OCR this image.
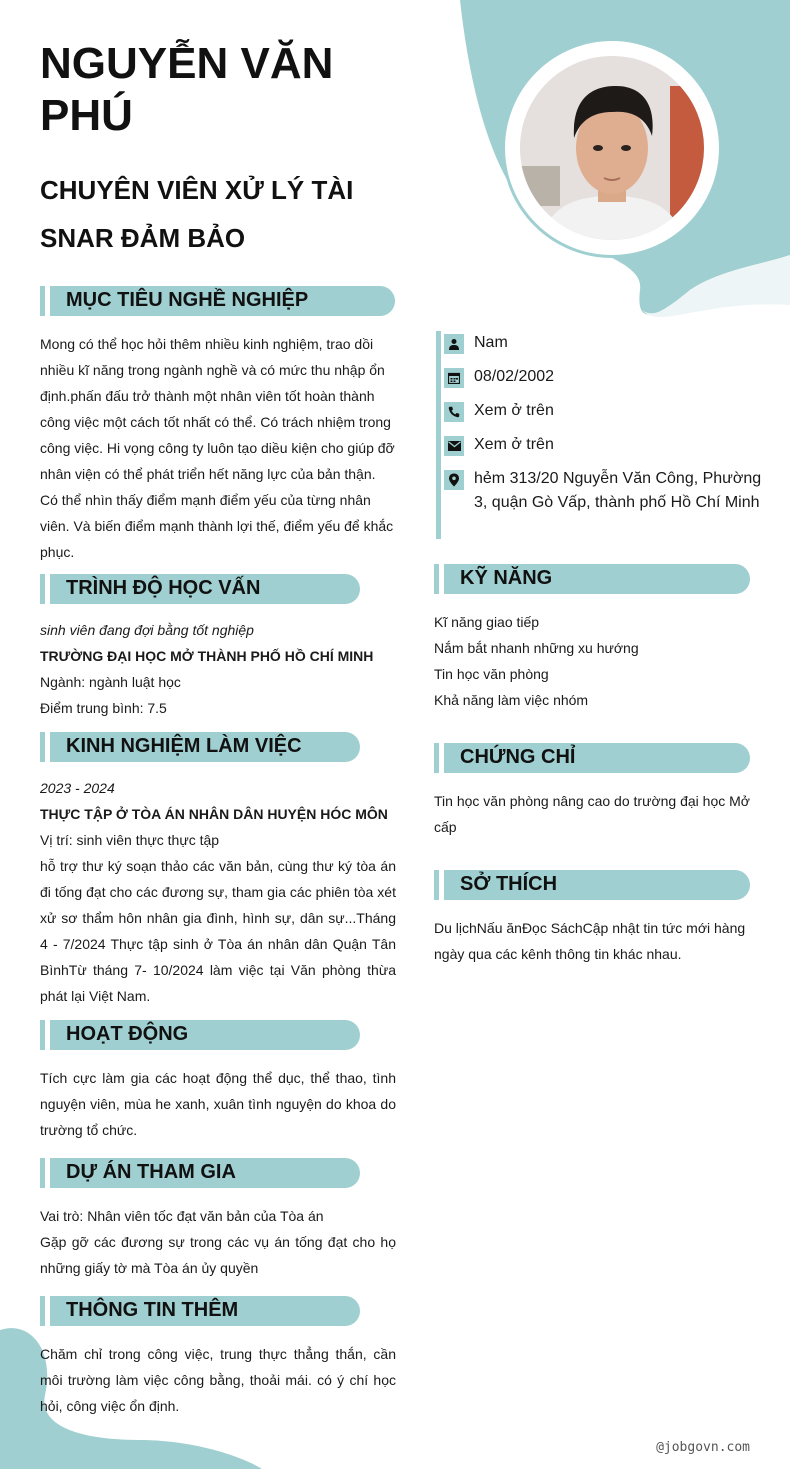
NGUYỄN VĂN PHÚ
CHUYÊN VIÊN XỬ LÝ TÀI SNAR ĐẢM BẢO
MỤC TIÊU NGHỀ NGHIỆP
Mong có thể học hỏi thêm nhiều kinh nghiệm, trao dồi nhiều kĩ năng trong ngành nghề và có mức thu nhập ổn định.phấn đấu trở thành một nhân viên tốt hoàn thành công việc một cách tốt nhất có thể. Có trách nhiệm trong công việc. Hi vọng công ty luôn tạo diều kiện cho giúp đỡ nhân viện có thể phát triển hết năng lực của bản thận. Có thể nhìn thấy điểm mạnh điểm yếu của từng nhân viên. Và biến điểm mạnh thành lợi thế, điểm yếu để khắc phục.
Nam
08/02/2002
Xem ở trên
Xem ở trên
hẻm 313/20 Nguyễn Văn Công, Phường 3, quận Gò Vấp, thành phố Hồ Chí Minh
TRÌNH ĐỘ HỌC VẤN
sinh viên đang đợi bằng tốt nghiệp
TRƯỜNG ĐẠI HỌC MỞ THÀNH PHỐ HỒ CHÍ MINH
Ngành: ngành luật học
Điểm trung bình: 7.5
KINH NGHIỆM LÀM VIỆC
2023 - 2024
THỰC TẬP Ở TÒA ÁN NHÂN DÂN HUYỆN HÓC MÔN
Vị trí: sinh viên thực thực tập
hỗ trợ thư ký soạn thảo các văn bản, cùng thư ký tòa án đi tống đạt cho các đương sự, tham gia các phiên tòa xét xử sơ thẩm hôn nhân gia đình, hình sự, dân sự...Tháng 4 - 7/2024 Thực tập sinh ở Tòa án nhân dân Quận Tân BìnhTừ tháng 7- 10/2024 làm việc tại Văn phòng thừa phát lại Việt Nam.
HOẠT ĐỘNG
Tích cực làm gia các hoạt động thể dục, thể thao, tình nguyện viên, mùa he xanh, xuân tình nguyện do khoa do trường tổ chức.
DỰ ÁN THAM GIA
Vai trò: Nhân viên tốc đạt văn bản của Tòa án
Gặp gỡ các đương sự trong các vụ án tống đạt cho họ những giấy tờ mà Tòa án ủy quyền
THÔNG TIN THÊM
Chăm chỉ trong công việc, trung thực thẳng thắn, cần môi trường làm việc công bằng, thoải mái. có ý chí học hỏi, công việc ổn định.
KỸ NĂNG
Kĩ năng giao tiếp
Nắm bắt nhanh những xu hướng
Tin học văn phòng
Khả năng làm việc nhóm
CHỨNG CHỈ
Tin học văn phòng nâng cao do trường đại học Mở cấp
SỞ THÍCH
Du lịchNấu ănĐọc SáchCập nhật tin tức mới hàng ngày qua các kênh thông tin khác nhau.
@jobgovn.com
